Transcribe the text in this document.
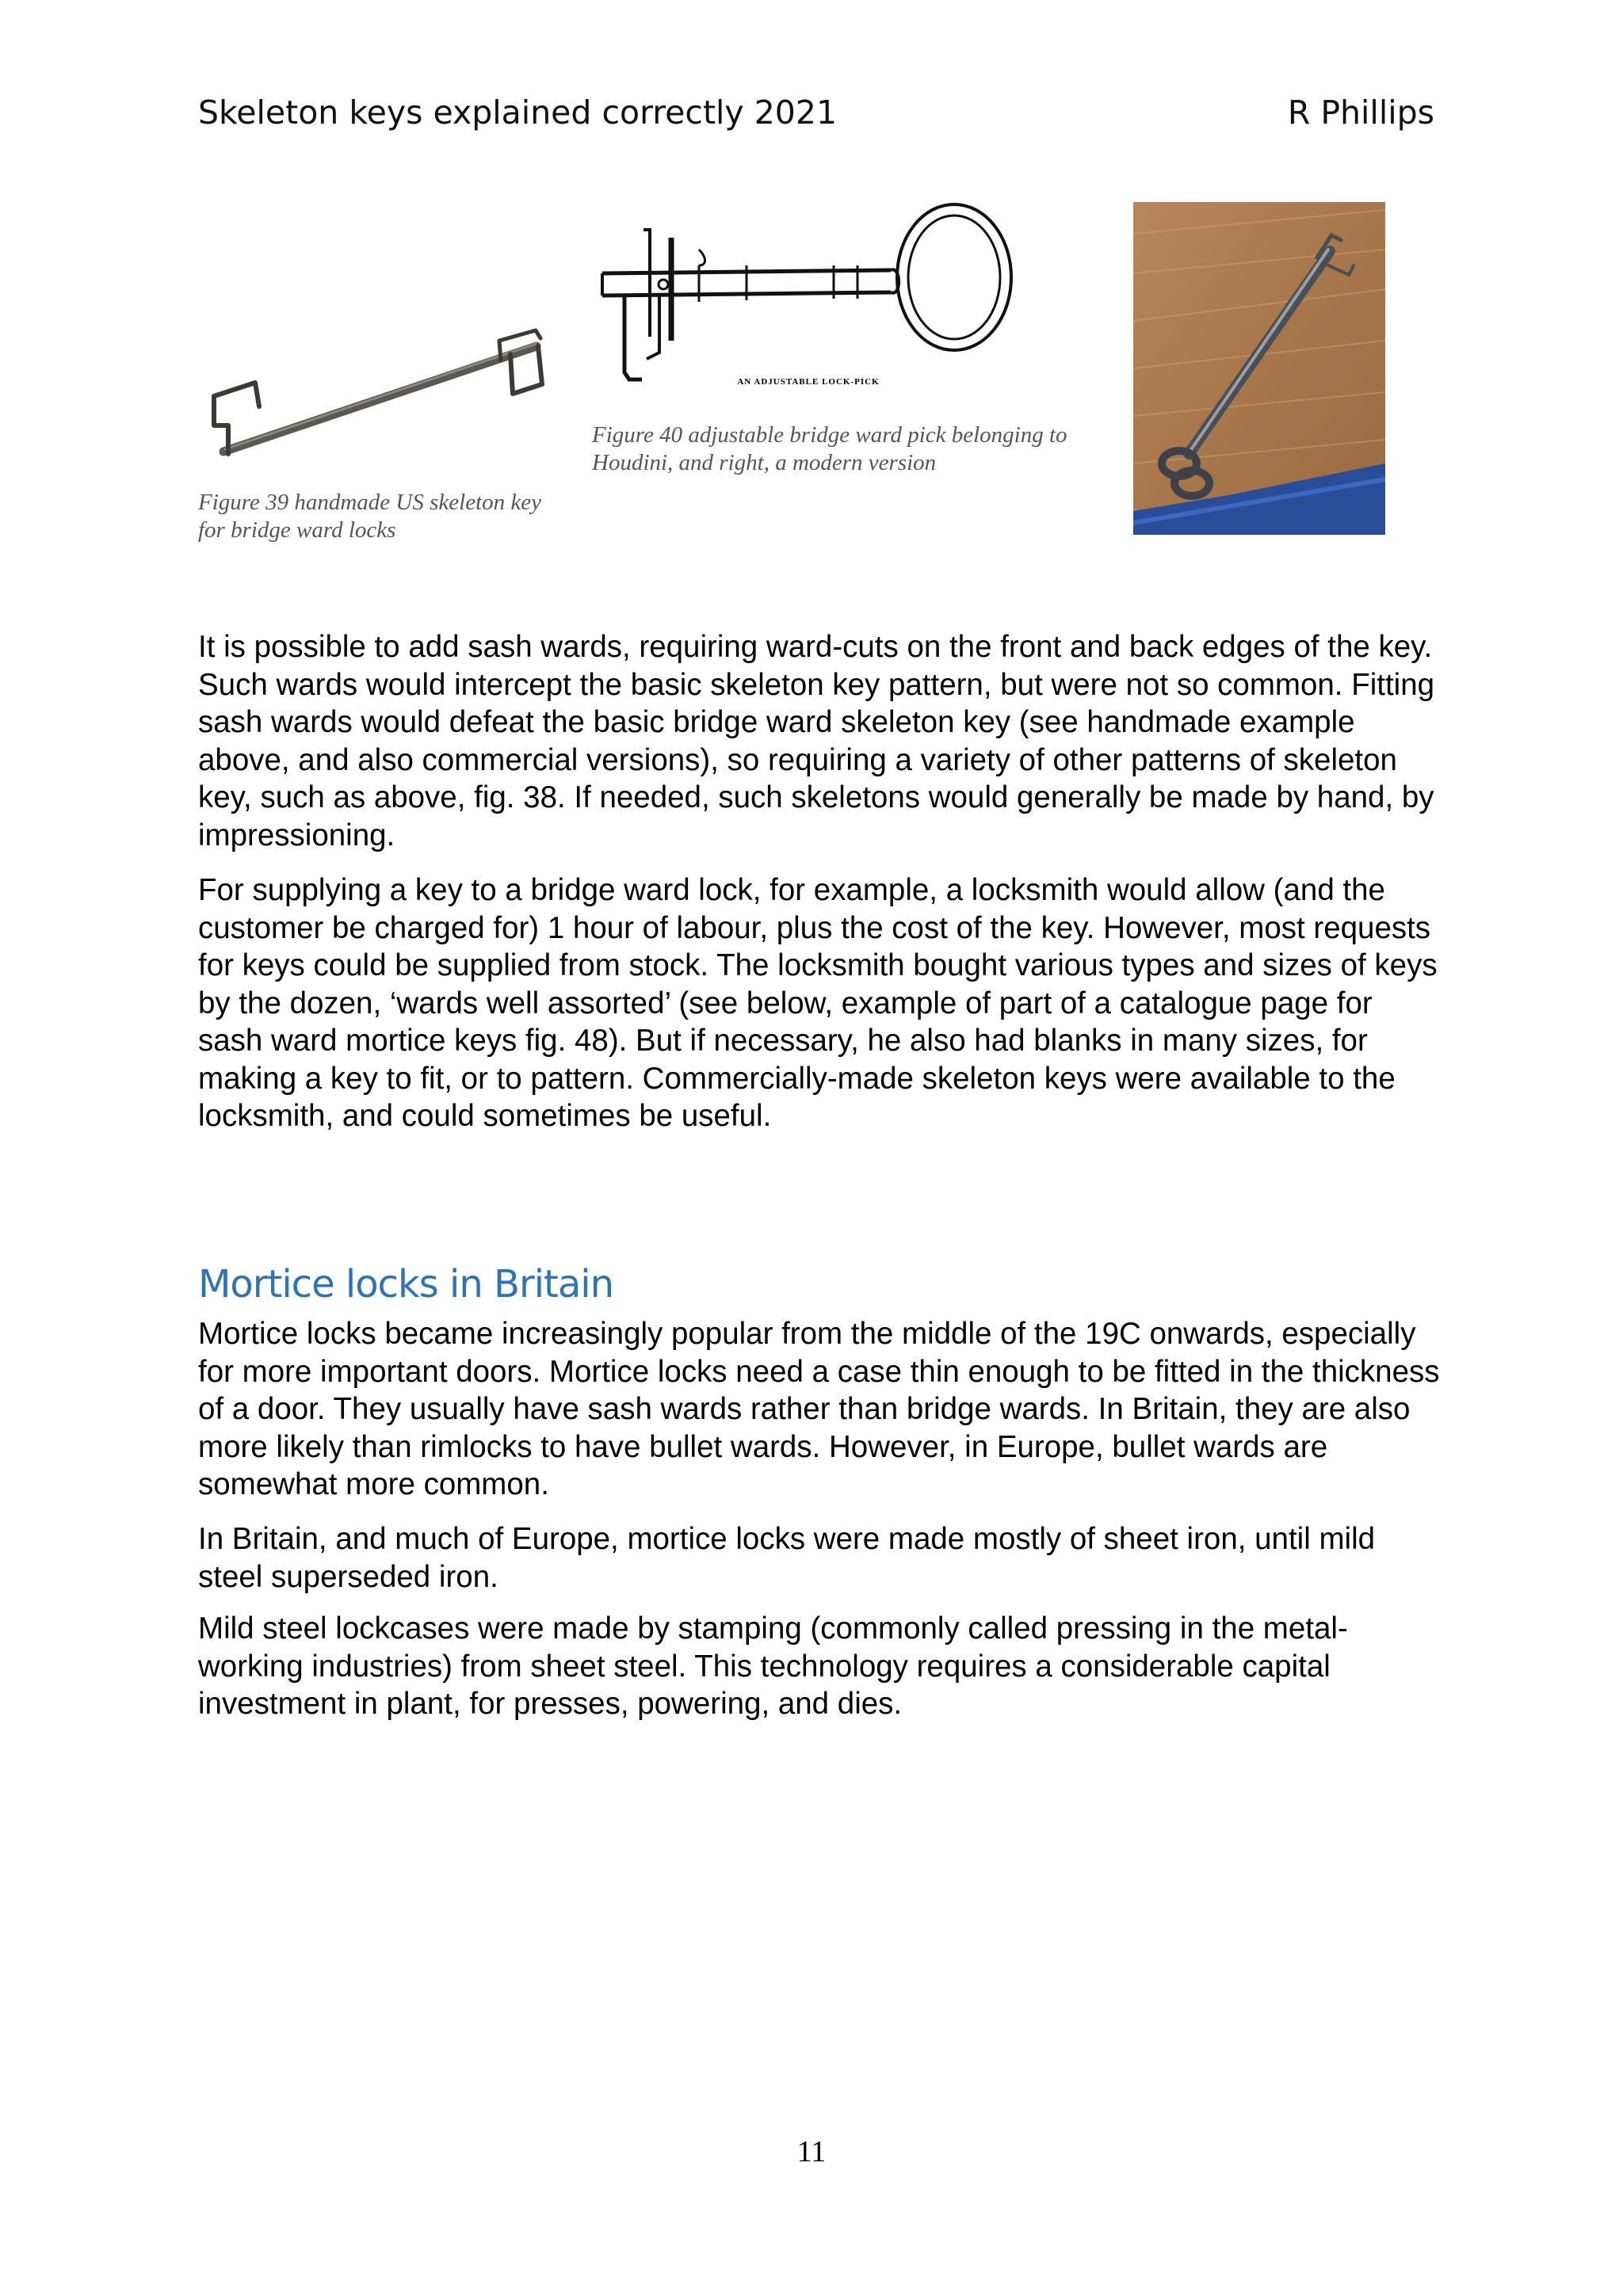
Skeleton keys explained correctly 2021	R Phillips
AN ADJUSTABLE LOCK-PICK
Figure 39 handmade US skeleton key for bridge ward locks
Figure 40 adjustable bridge ward pick belonging to Houdini, and right, a modern version

It is possible to add sash wards, requiring ward-cuts on the front and back edges of the key. Such wards would intercept the basic skeleton key pattern, but were not so common. Fitting sash wards would defeat the basic bridge ward skeleton key (see handmade example above, and also commercial versions), so requiring a variety of other patterns of skeleton key, such as above, fig. 38. If needed, such skeletons would generally be made by hand, by impressioning.

For supplying a key to a bridge ward lock, for example, a locksmith would allow (and the customer be charged for) 1 hour of labour, plus the cost of the key. However, most requests for keys could be supplied from stock. The locksmith bought various types and sizes of keys by the dozen, ‘wards well assorted’ (see below, example of part of a catalogue page for sash ward mortice keys fig. 48). But if necessary, he also had blanks in many sizes, for making a key to fit, or to pattern. Commercially-made skeleton keys were available to the locksmith, and could sometimes be useful.

Mortice locks in Britain

Mortice locks became increasingly popular from the middle of the 19C onwards, especially for more important doors. Mortice locks need a case thin enough to be fitted in the thickness of a door. They usually have sash wards rather than bridge wards. In Britain, they are also more likely than rimlocks to have bullet wards. However, in Europe, bullet wards are somewhat more common.

In Britain, and much of Europe, mortice locks were made mostly of sheet iron, until mild steel superseded iron.

Mild steel lockcases were made by stamping (commonly called pressing in the metal-working industries) from sheet steel. This technology requires a considerable capital investment in plant, for presses, powering, and dies.

11
